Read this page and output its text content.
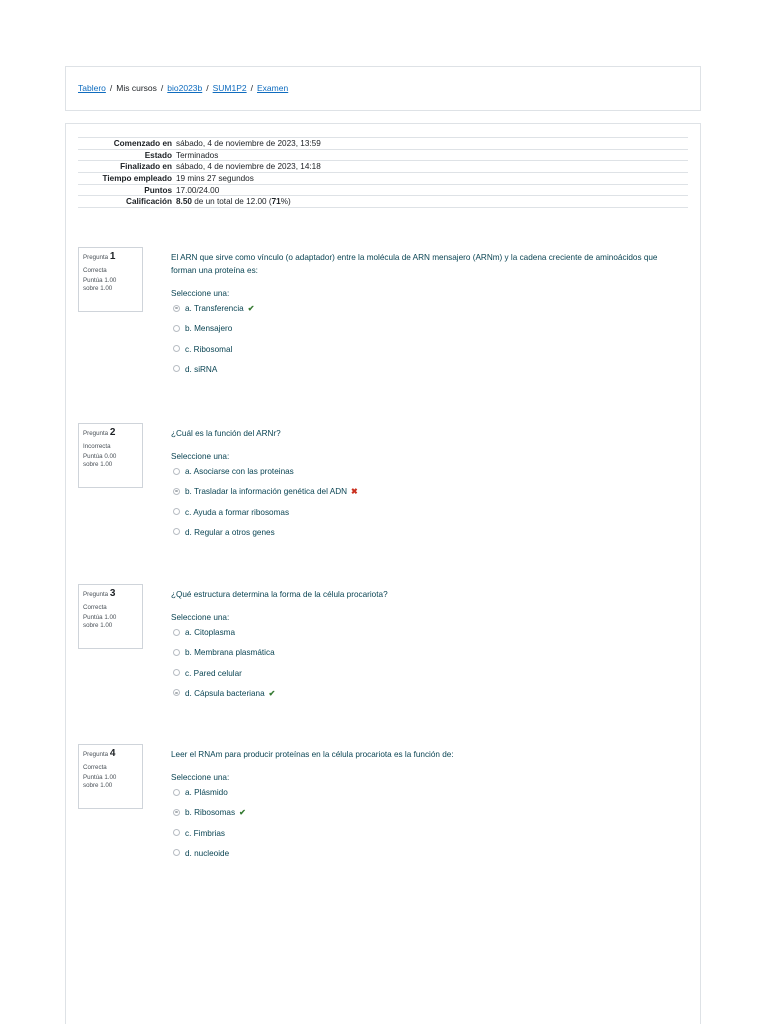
Tablero / Mis cursos / bio2023b / SUM1P2 / Examen
Comenzado en	sábado, 4 de noviembre de 2023, 13:59
Estado	Terminados
Finalizado en	sábado, 4 de noviembre de 2023, 14:18
Tiempo empleado	19 mins 27 segundos
Puntos	17.00/24.00
Calificación	8.50 de un total de 12.00 (71%)
Pregunta 1
Correcta
Puntúa 1.00
sobre 1.00
El ARN que sirve como vínculo (o adaptador) entre la molécula de ARN mensajero (ARNm) y la cadena creciente de aminoácidos que forman una proteína es:
Seleccione una:
a. Transferencia ✔
b. Mensajero
c. Ribosomal
d. siRNA
Pregunta 2
Incorrecta
Puntúa 0.00
sobre 1.00
¿Cuál es la función del ARNr?
Seleccione una:
a. Asociarse con las proteinas
b. Trasladar la información genética del ADN ✖
c. Ayuda a formar ribosomas
d. Regular a otros genes
Pregunta 3
Correcta
Puntúa 1.00
sobre 1.00
¿Qué estructura determina la forma de la célula procariota?
Seleccione una:
a. Citoplasma
b. Membrana plasmática
c. Pared celular
d. Cápsula bacteriana ✔
Pregunta 4
Correcta
Puntúa 1.00
sobre 1.00
Leer el RNAm para producir proteínas en la célula procariota es la función de:
Seleccione una:
a. Plásmido
b. Ribosomas ✔
c. Fimbrias
d. nucleoide
